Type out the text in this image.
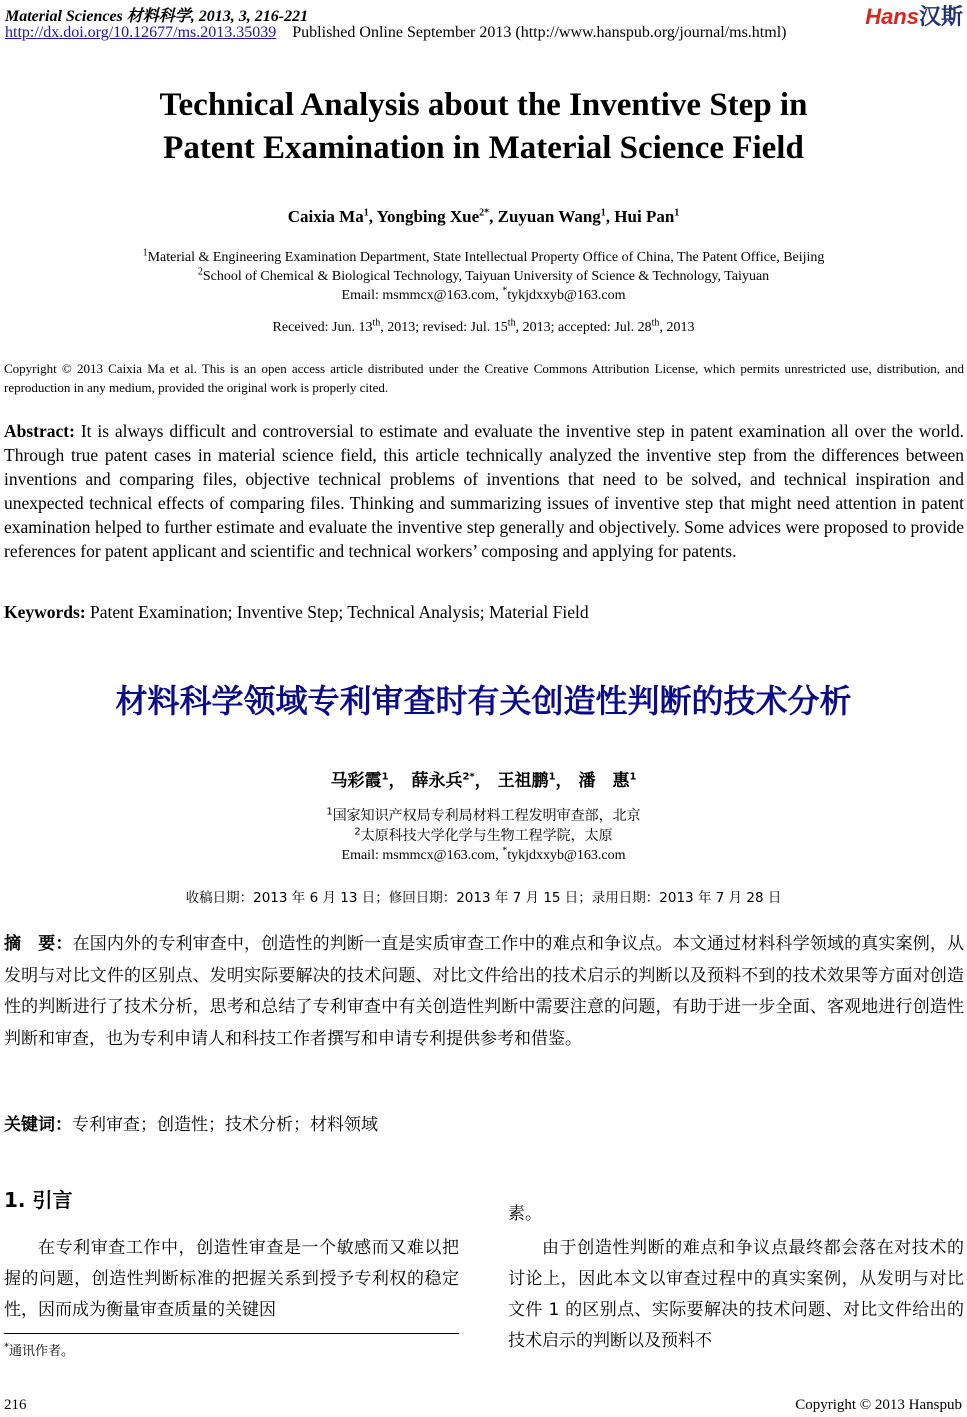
Material Sciences 材料科学, 2013, 3, 216-221
http://dx.doi.org/10.12677/ms.2013.35039 Published Online September 2013 (http://www.hanspub.org/journal/ms.html)
Hans汉斯
Technical Analysis about the Inventive Step in
Patent Examination in Material Science Field
Caixia Ma$^1$, Yongbing Xue$^{2*}$, Zuyuan Wang$^1$, Hui Pan$^1$
$^1$Material & Engineering Examination Department, State Intellectual Property Office of China, The Patent Office, Beijing
$^2$School of Chemical & Biological Technology, Taiyuan University of Science & Technology, Taiyuan
Email: msmmcx@163.com, *tykjdxxyb@163.com
Received: Jun. 13th, 2013; revised: Jul. 15th, 2013; accepted: Jul. 28th, 2013
Copyright © 2013 Caixia Ma et al. This is an open access article distributed under the Creative Commons Attribution License, which permits unrestricted use, distribution, and reproduction in any medium, provided the original work is properly cited.
Abstract: It is always difficult and controversial to estimate and evaluate the inventive step in patent examination all over the world. Through true patent cases in material science field, this article technically analyzed the inventive step from the differences between inventions and comparing files, objective technical problems of inventions that need to be solved, and technical inspiration and unexpected technical effects of comparing files. Thinking and summarizing issues of inventive step that might need attention in patent examination helped to further estimate and evaluate the inventive step generally and objectively. Some advices were proposed to provide references for patent applicant and scientific and technical workers’ composing and applying for patents.
Keywords: Patent Examination; Inventive Step; Technical Analysis; Material Field
材料科学领域专利审查时有关创造性判断的技术分析
马彩霞$^1$， 薛永兵$^{2*}$， 王祖鹏$^1$， 潘　惠$^1$
$^1$国家知识产权局专利局材料工程发明审查部，北京
$^2$太原科技大学化学与生物工程学院，太原
Email: msmmcx@163.com, *tykjdxxyb@163.com
收稿日期：2013 年 6 月 13 日；修回日期：2013 年 7 月 15 日；录用日期：2013 年 7 月 28 日
摘　要：在国内外的专利审查中，创造性的判断一直是实质审查工作中的难点和争议点。本文通过材料科学领域的真实案例，从发明与对比文件的区别点、发明实际要解决的技术问题、对比文件给出的技术启示的判断以及预料不到的技术效果等方面对创造性的判断进行了技术分析，思考和总结了专利审查中有关创造性判断中需要注意的问题，有助于进一步全面、客观地进行创造性判断和审查，也为专利申请人和科技工作者撰写和申请专利提供参考和借鉴。
关键词：专利审查；创造性；技术分析；材料领域
1. 引言
在专利审查工作中，创造性审查是一个敏感而又难以把握的问题，创造性判断标准的把握关系到授予专利权的稳定性，因而成为衡量审查质量的关键因
素。
由于创造性判断的难点和争议点最终都会落在对技术的讨论上，因此本文以审查过程中的真实案例，从发明与对比文件 1 的区别点、实际要解决的技术问题、对比文件给出的技术启示的判断以及预料不
*通讯作者。
216	Copyright © 2013 Hanspub
